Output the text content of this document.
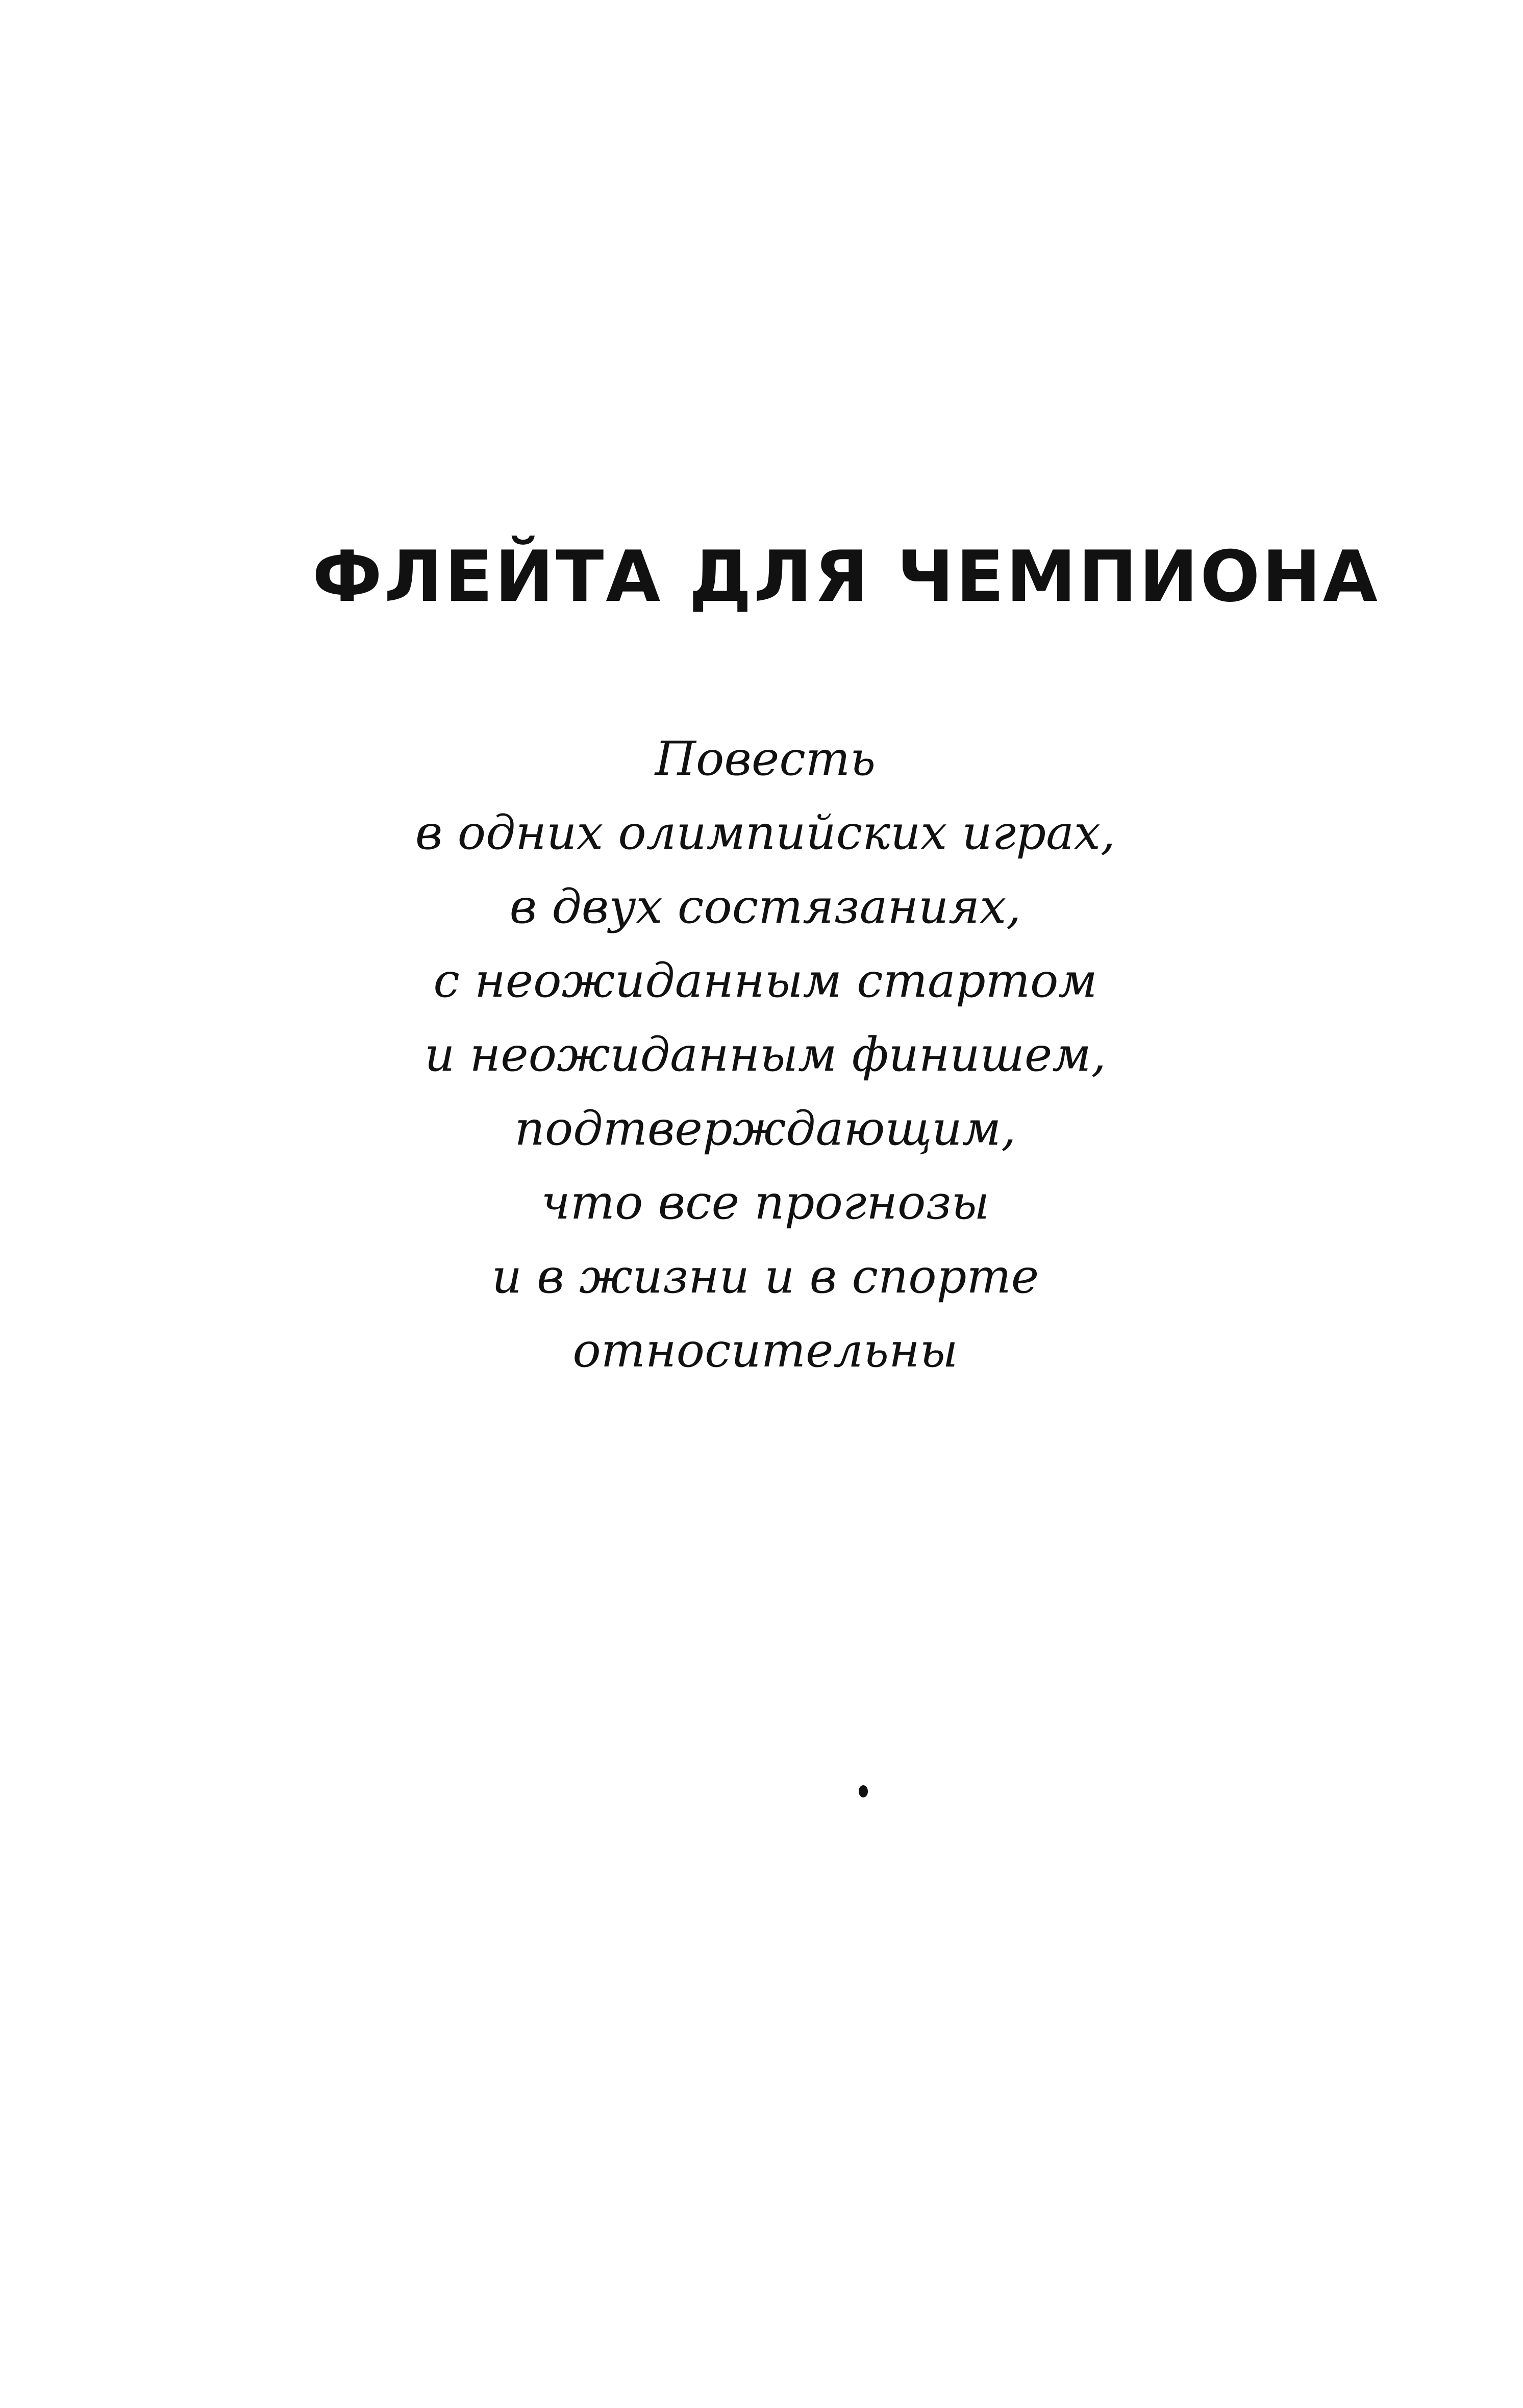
ФЛЕЙТА ДЛЯ ЧЕМПИОНА

Повесть
в одних олимпийских играх,
в двух состязаниях,
с неожиданным стартом
и неожиданным финишем,
подтверждающим,
что все прогнозы
и в жизни и в спорте
относительны
